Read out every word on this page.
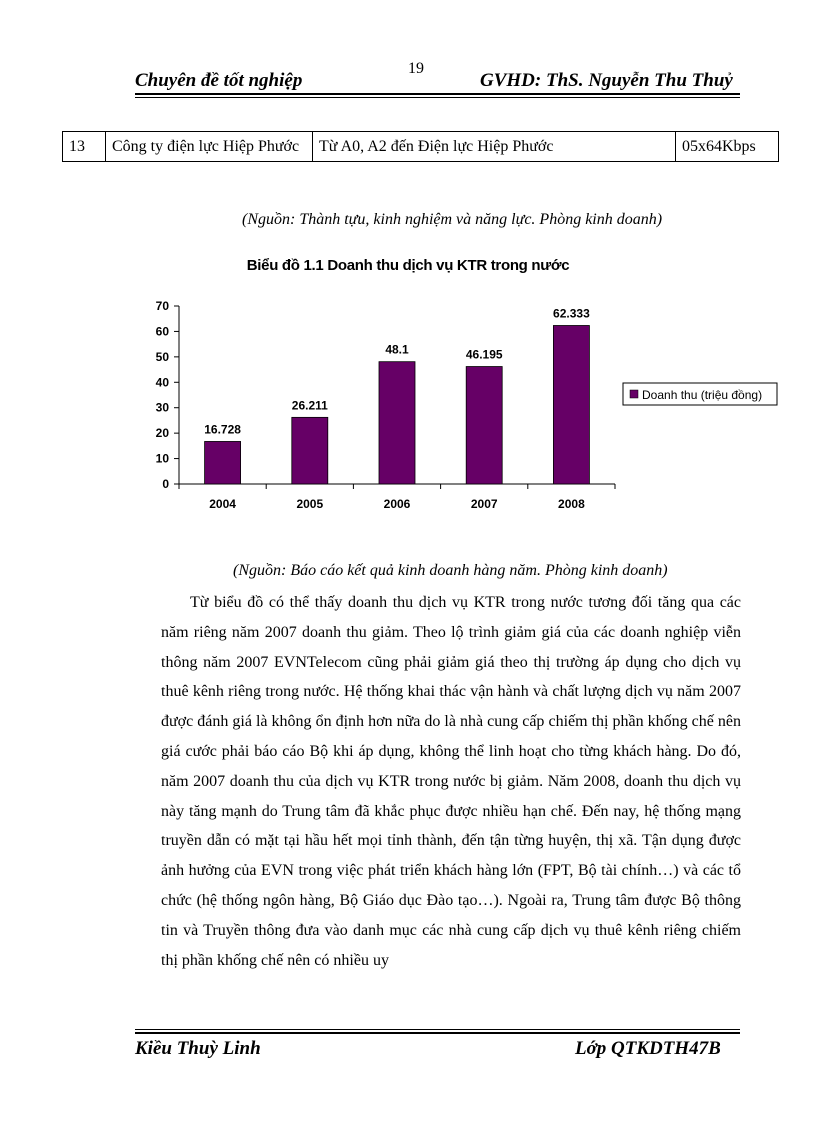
Chuyên đề tốt nghiệp
19
GVHD: ThS. Nguyễn Thu Thuỷ
13	Công ty điện lực Hiệp Phước	Từ A0, A2 đến Điện lực Hiệp Phước	05x64Kbps
(Nguồn: Thành tựu, kinh nghiệm và năng lực. Phòng kinh doanh)
Biểu đồ 1.1 Doanh thu dịch vụ KTR trong nước
0
10
20
30
40
50
60
70
16.728
2004
26.211
2005
48.1
2006
46.195
2007
62.333
2008
Doanh thu (triệu đồng)
(Nguồn: Báo cáo kết quả kinh doanh hàng năm. Phòng kinh doanh)

Từ biểu đồ có thể thấy doanh thu dịch vụ KTR trong nước tương đối tăng qua các năm riêng năm 2007 doanh thu giảm. Theo lộ trình giảm giá của các doanh nghiệp viễn thông năm 2007 EVNTelecom cũng phải giảm giá theo thị trường áp dụng cho dịch vụ thuê kênh riêng trong nước. Hệ thống khai thác vận hành và chất lượng dịch vụ năm 2007 được đánh giá là không ổn định hơn nữa do là nhà cung cấp chiếm thị phần khống chế nên giá cước phải báo cáo Bộ khi áp dụng, không thể linh hoạt cho từng khách hàng. Do đó, năm 2007 doanh thu của dịch vụ KTR trong nước bị giảm. Năm 2008, doanh thu dịch vụ này tăng mạnh do Trung tâm đã khắc phục được nhiều hạn chế. Đến nay, hệ thống mạng truyền dẫn có mặt tại hầu hết mọi tỉnh thành, đến tận từng huyện, thị xã. Tận dụng được ảnh hưởng của EVN trong việc phát triển khách hàng lớn (FPT, Bộ tài chính…) và các tổ chức (hệ thống ngôn hàng, Bộ Giáo dục Đào tạo…). Ngoài ra, Trung tâm được Bộ thông tin và Truyền thông đưa vào danh mục các nhà cung cấp dịch vụ thuê kênh riêng chiếm thị phần khống chế nên có nhiều uy

Kiều Thuỳ Linh	Lớp QTKDTH47B
